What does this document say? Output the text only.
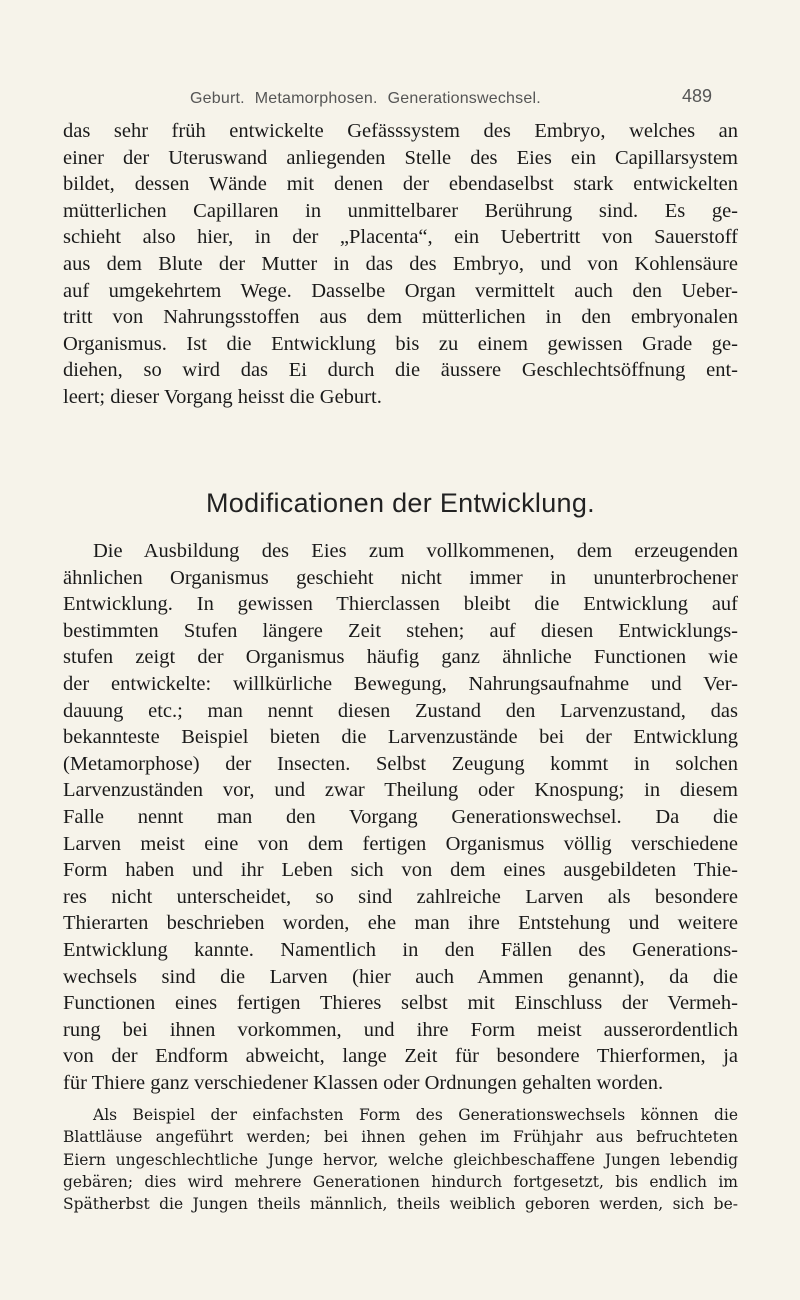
Geburt. Metamorphosen. Generationswechsel.	489
das sehr früh entwickelte Gefässsystem des Embryo, welches an
einer der Uteruswand anliegenden Stelle des Eies ein Capillarsystem
bildet, dessen Wände mit denen der ebendaselbst stark entwickelten
mütterlichen Capillaren in unmittelbarer Berührung sind. Es ge-
schieht also hier, in der „Placenta“, ein Uebertritt von Sauerstoff
aus dem Blute der Mutter in das des Embryo, und von Kohlensäure
auf umgekehrtem Wege. Dasselbe Organ vermittelt auch den Ueber-
tritt von Nahrungsstoffen aus dem mütterlichen in den embryonalen
Organismus. Ist die Entwicklung bis zu einem gewissen Grade ge-
diehen, so wird das Ei durch die äussere Geschlechtsöffnung ent-
leert; dieser Vorgang heisst die Geburt.
Modificationen der Entwicklung.
Die Ausbildung des Eies zum vollkommenen, dem erzeugenden
ähnlichen Organismus geschieht nicht immer in ununterbrochener
Entwicklung. In gewissen Thierclassen bleibt die Entwicklung auf
bestimmten Stufen längere Zeit stehen; auf diesen Entwicklungs-
stufen zeigt der Organismus häufig ganz ähnliche Functionen wie
der entwickelte: willkürliche Bewegung, Nahrungsaufnahme und Ver-
dauung etc.; man nennt diesen Zustand den Larvenzustand, das
bekannteste Beispiel bieten die Larvenzustände bei der Entwicklung
(Metamorphose) der Insecten. Selbst Zeugung kommt in solchen
Larvenzuständen vor, und zwar Theilung oder Knospung; in diesem
Falle nennt man den Vorgang Generationswechsel. Da die
Larven meist eine von dem fertigen Organismus völlig verschiedene
Form haben und ihr Leben sich von dem eines ausgebildeten Thie-
res nicht unterscheidet, so sind zahlreiche Larven als besondere
Thierarten beschrieben worden, ehe man ihre Entstehung und weitere
Entwicklung kannte. Namentlich in den Fällen des Generations-
wechsels sind die Larven (hier auch Ammen genannt), da die
Functionen eines fertigen Thieres selbst mit Einschluss der Vermeh-
rung bei ihnen vorkommen, und ihre Form meist ausserordentlich
von der Endform abweicht, lange Zeit für besondere Thierformen, ja
für Thiere ganz verschiedener Klassen oder Ordnungen gehalten worden.
Als Beispiel der einfachsten Form des Generationswechsels können die
Blattläuse angeführt werden; bei ihnen gehen im Frühjahr aus befruchteten
Eiern ungeschlechtliche Junge hervor, welche gleichbeschaffene Jungen lebendig
gebären; dies wird mehrere Generationen hindurch fortgesetzt, bis endlich im
Spätherbst die Jungen theils männlich, theils weiblich geboren werden, sich be-
